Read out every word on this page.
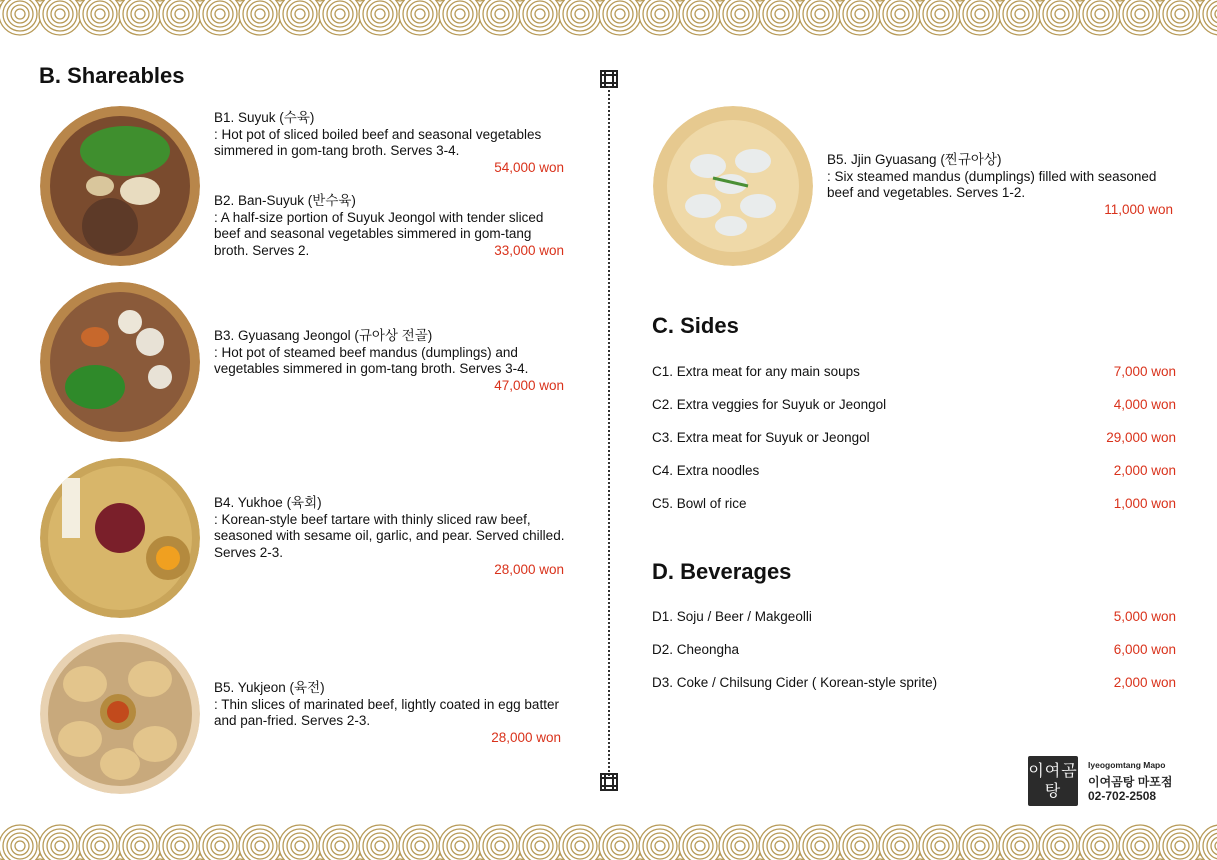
B. Shareables
C. Sides
D. Beverages
B1. Suyuk (수육)
: Hot pot of sliced boiled beef and seasonal vegetables simmered in gom-tang broth. Serves 3-4.
54,000 won
B2. Ban-Suyuk (반수육)
: A half-size portion of Suyuk Jeongol with tender sliced beef and seasonal vegetables simmered in gom-tang broth. Serves 2.	33,000 won
B3. Gyuasang Jeongol (규아상 전골)
: Hot pot of steamed beef mandus (dumplings) and vegetables simmered in gom-tang broth. Serves 3-4.
47,000 won
B4. Yukhoe (육회)
: Korean-style beef tartare with thinly sliced raw beef, seasoned with sesame oil, garlic, and pear. Served chilled. Serves 2-3.
28,000 won
B5. Yukjeon (육전)
: Thin slices of marinated beef, lightly coated in egg batter and pan-fried. Serves 2-3.
28,000 won
B5. Jjin Gyuasang (찐규아상)
: Six steamed mandus (dumplings) filled with seasoned beef and vegetables. Serves 1-2.
11,000 won
C1. Extra meat for any main soups	7,000 won
C2. Extra veggies for Suyuk or Jeongol	4,000 won
C3. Extra meat for Suyuk or Jeongol	29,000 won
C4. Extra noodles	2,000 won
C5. Bowl of rice	1,000 won
D1. Soju / Beer / Makgeolli	5,000 won
D2. Cheongha	6,000 won
D3. Coke / Chilsung Cider ( Korean-style sprite)	2,000 won
이여곰탕
Iyeogomtang Mapo
이여곰탕 마포점
02-702-2508
